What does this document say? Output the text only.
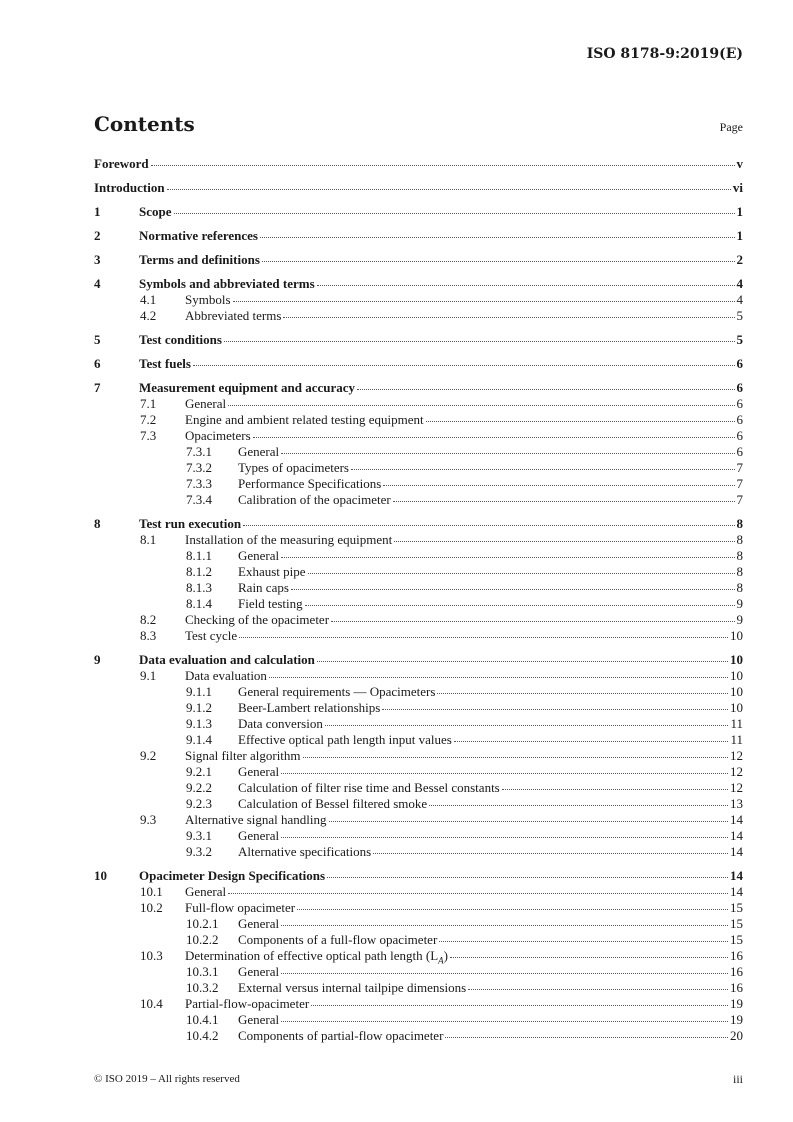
ISO 8178-9:2019(E)
Contents	Page
Foreword	v
Introduction	vi
1	Scope	1
2	Normative references	1
3	Terms and definitions	2
4	Symbols and abbreviated terms	4
4.1	Symbols	4
4.2	Abbreviated terms	5
5	Test conditions	5
6	Test fuels	6
7	Measurement equipment and accuracy	6
7.1	General	6
7.2	Engine and ambient related testing equipment	6
7.3	Opacimeters	6
7.3.1	General	6
7.3.2	Types of opacimeters	7
7.3.3	Performance Specifications	7
7.3.4	Calibration of the opacimeter	7
8	Test run execution	8
8.1	Installation of the measuring equipment	8
8.1.1	General	8
8.1.2	Exhaust pipe	8
8.1.3	Rain caps	8
8.1.4	Field testing	9
8.2	Checking of the opacimeter	9
8.3	Test cycle	10
9	Data evaluation and calculation	10
9.1	Data evaluation	10
9.1.1	General requirements — Opacimeters	10
9.1.2	Beer-Lambert relationships	10
9.1.3	Data conversion	11
9.1.4	Effective optical path length input values	11
9.2	Signal filter algorithm	12
9.2.1	General	12
9.2.2	Calculation of filter rise time and Bessel constants	12
9.2.3	Calculation of Bessel filtered smoke	13
9.3	Alternative signal handling	14
9.3.1	General	14
9.3.2	Alternative specifications	14
10	Opacimeter Design Specifications	14
10.1	General	14
10.2	Full-flow opacimeter	15
10.2.1	General	15
10.2.2	Components of a full-flow opacimeter	15
10.3	Determination of effective optical path length $(L_A)$	16
10.3.1	General	16
10.3.2	External versus internal tailpipe dimensions	16
10.4	Partial-flow-opacimeter	19
10.4.1	General	19
10.4.2	Components of partial-flow opacimeter	20
© ISO 2019 – All rights reserved	iii
